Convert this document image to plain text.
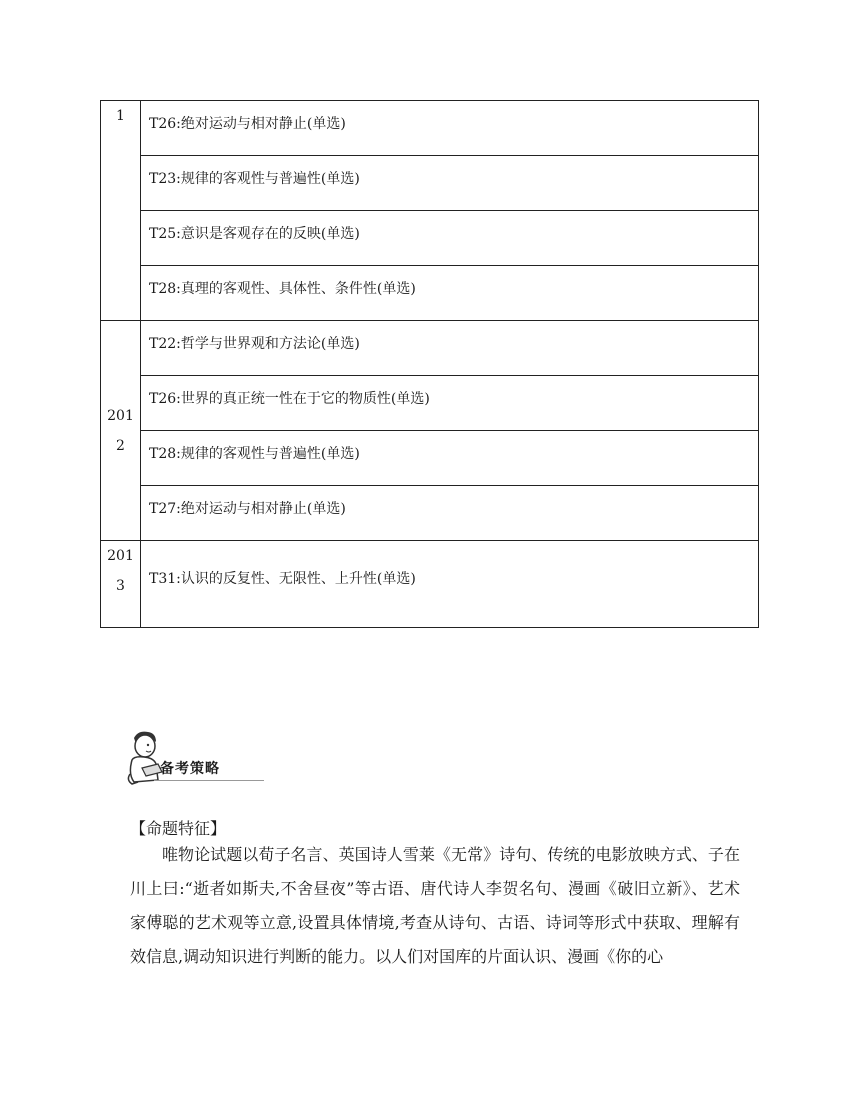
1	T26:绝对运动与相对静止(单选)
	T23:规律的客观性与普遍性(单选)
	T25:意识是客观存在的反映(单选)
	T28:真理的客观性、具体性、条件性(单选)

2012	T22:哲学与世界观和方法论(单选)
	T26:世界的真正统一性在于它的物质性(单选)
	T28:规律的客观性与普遍性(单选)
	T27:绝对运动与相对静止(单选)

2013	T31:认识的反复性、无限性、上升性(单选)
备考策略
【命题特征】

唯物论试题以荀子名言、英国诗人雪莱《无常》诗句、传统的电影放映方式、子在川上曰:“逝者如斯夫,不舍昼夜”等古语、唐代诗人李贺名句、漫画《破旧立新》、艺术家傅聪的艺术观等立意,设置具体情境,考查从诗句、古语、诗词等形式中获取、理解有效信息,调动知识进行判断的能力。以人们对国库的片面认识、漫画《你的心
